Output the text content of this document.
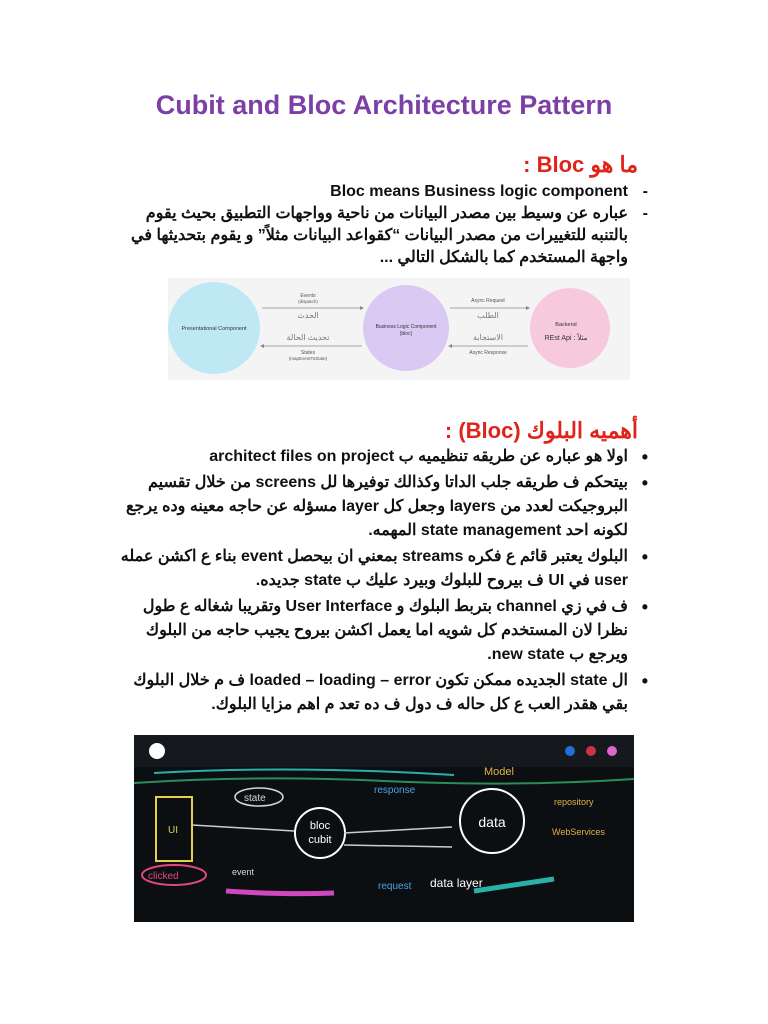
Cubit and Bloc Architecture Pattern
ما هو Bloc :
- Bloc means Business logic component
- عباره عن وسيط بين مصدر البيانات من ناحية وواجهات التطبيق بحيث يقوم بالتنبه للتغييرات من مصدر البيانات “كقواعد البيانات مثلاً” و يقوم بتحديثها في واجهة المستخدم كما بالشكل التالي ...
Presentational Component	Business Logic Component
(bloc)
Backend
REst Api : مثلاً
Events
(dispatch)
الحدث
تحديث الحالة
States
(mapEventToState)
Async Request
الطلب
الاستجابة
Async Response
أهميه البلوك (Bloc) :
• اولا هو عباره عن طريقه تنظيميه ب architect files on project
• بيتحكم ف طريقه جلب الداتا وكذالك توفيرها لل screens من خلال تقسيم البروجيكت لعدد من layers وجعل كل layer مسؤله عن حاجه معينه وده يرجع لكونه احد state management المهمه.
• البلوك يعتبر قائم ع فكره streams بمعني ان بيحصل event بناء ع اكشن عمله user في UI ف بيروح للبلوك وبيرد عليك ب state جديده.
• ف في زي channel بتربط البلوك و User Interface وتقريبا شغاله ع طول نظرا لان المستخدم كل شويه اما يعمل اكشن بيروح يجيب حاجه من البلوك ويرجع ب new state.
• ال state الجديده ممكن تكون loaded – loading – error ف م خلال البلوك بقي هقدر العب ع كل حاله ف دول ف ده تعد م اهم مزايا البلوك.
UI
clicked
state
bloc
cubit
data
Model
response
request
repository
WebServices
data layer
event
